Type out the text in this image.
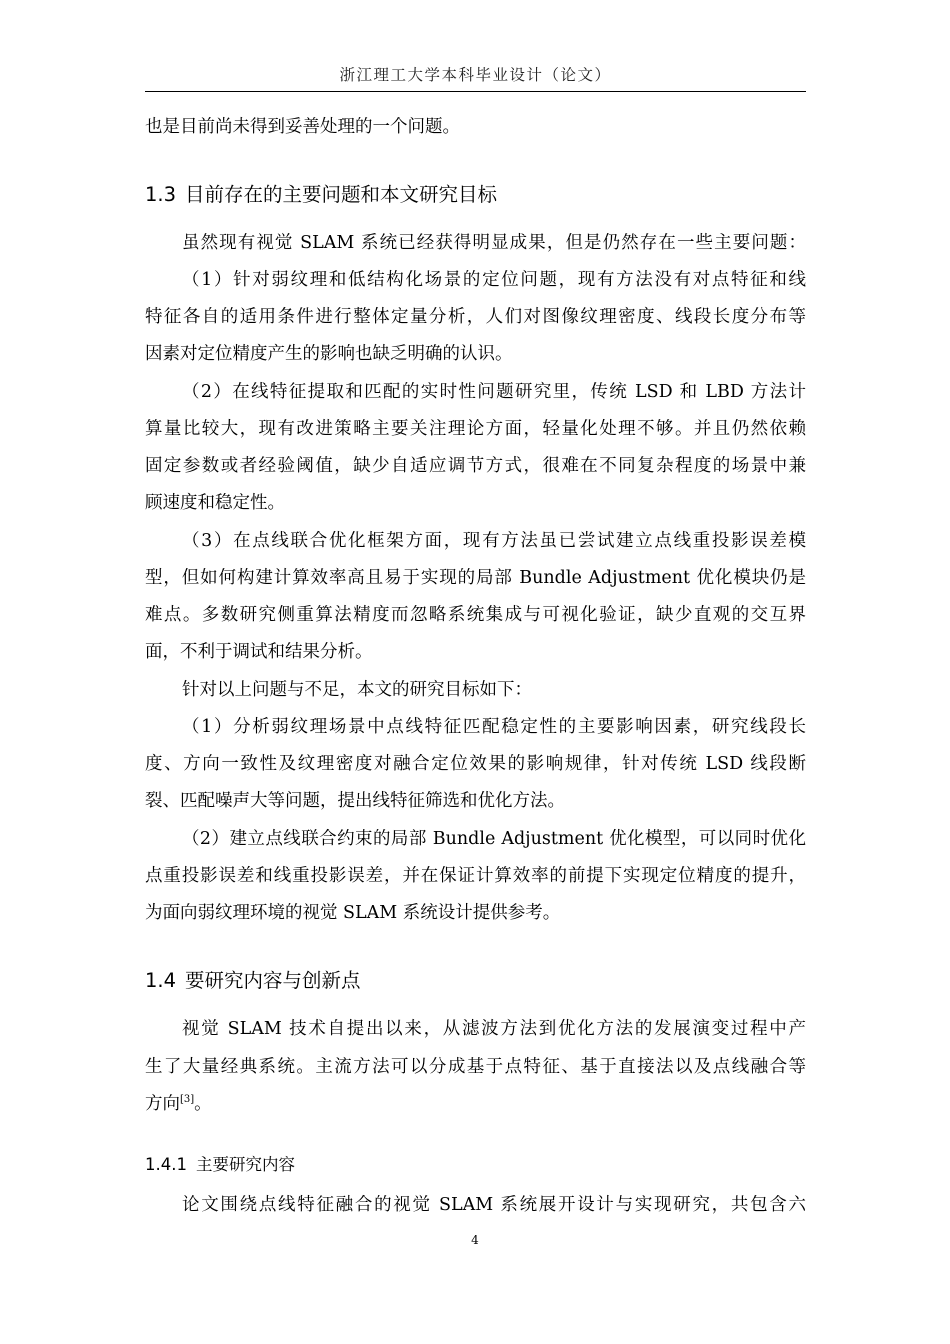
浙江理工大学本科毕业设计（论文）
也是目前尚未得到妥善处理的一个问题。
1.3 目前存在的主要问题和本文研究目标
虽然现有视觉 SLAM 系统已经获得明显成果，但是仍然存在一些主要问题：
（1）针对弱纹理和低结构化场景的定位问题，现有方法没有对点特征和线
特征各自的适用条件进行整体定量分析，人们对图像纹理密度、线段长度分布等
因素对定位精度产生的影响也缺乏明确的认识。
（2）在线特征提取和匹配的实时性问题研究里，传统 LSD 和 LBD 方法计
算量比较大，现有改进策略主要关注理论方面，轻量化处理不够。并且仍然依赖
固定参数或者经验阈值，缺少自适应调节方式，很难在不同复杂程度的场景中兼
顾速度和稳定性。
（3）在点线联合优化框架方面，现有方法虽已尝试建立点线重投影误差模
型，但如何构建计算效率高且易于实现的局部 Bundle Adjustment 优化模块仍是
难点。多数研究侧重算法精度而忽略系统集成与可视化验证，缺少直观的交互界
面，不利于调试和结果分析。
针对以上问题与不足，本文的研究目标如下：
（1）分析弱纹理场景中点线特征匹配稳定性的主要影响因素，研究线段长
度、方向一致性及纹理密度对融合定位效果的影响规律，针对传统 LSD 线段断
裂、匹配噪声大等问题，提出线特征筛选和优化方法。
（2）建立点线联合约束的局部 Bundle Adjustment 优化模型，可以同时优化
点重投影误差和线重投影误差，并在保证计算效率的前提下实现定位精度的提升，
为面向弱纹理环境的视觉 SLAM 系统设计提供参考。
1.4 要研究内容与创新点
视觉 SLAM 技术自提出以来，从滤波方法到优化方法的发展演变过程中产
生了大量经典系统。主流方法可以分成基于点特征、基于直接法以及点线融合等
方向[3]。
1.4.1 主要研究内容
论文围绕点线特征融合的视觉 SLAM 系统展开设计与实现研究，共包含六
4
